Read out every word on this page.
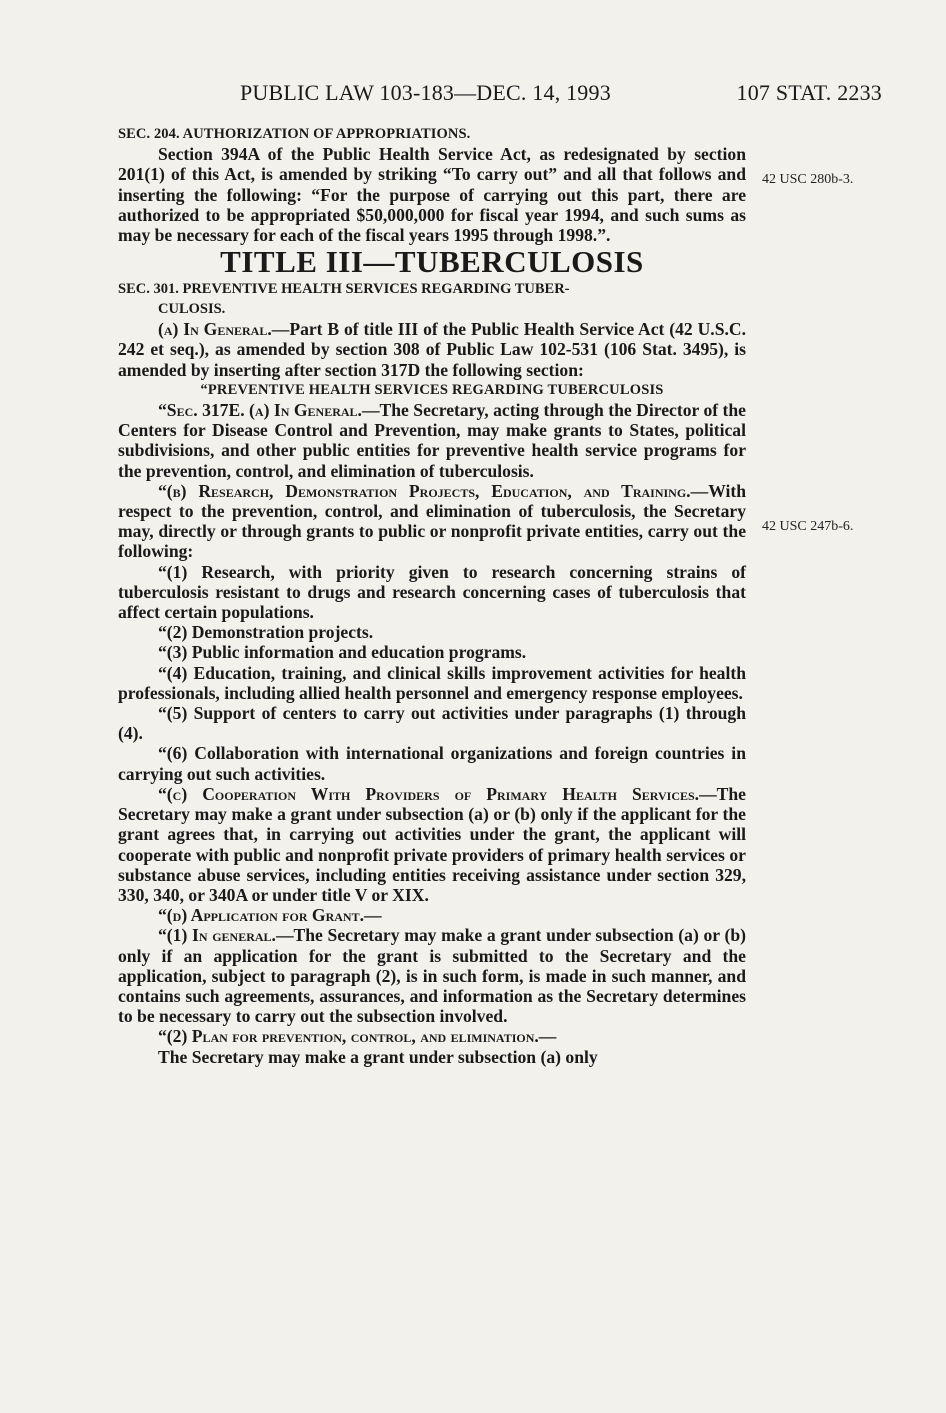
PUBLIC LAW 103-183—DEC. 14, 1993	107 STAT. 2233
42 USC 280b-3.
42 USC 247b-6.

SEC. 204. AUTHORIZATION OF APPROPRIATIONS.

Section 394A of the Public Health Service Act, as redesignated by section 201(1) of this Act, is amended by striking “To carry out” and all that follows and inserting the following: “For the purpose of carrying out this part, there are authorized to be appropriated $50,000,000 for fiscal year 1994, and such sums as may be necessary for each of the fiscal years 1995 through 1998.”.

TITLE III—TUBERCULOSIS

SEC. 301. PREVENTIVE HEALTH SERVICES REGARDING TUBER-
CULOSIS.

(a) In General.—Part B of title III of the Public Health Service Act (42 U.S.C. 242 et seq.), as amended by section 308 of Public Law 102-531 (106 Stat. 3495), is amended by inserting after section 317D the following section:

“PREVENTIVE HEALTH SERVICES REGARDING TUBERCULOSIS

“Sec. 317E. (a) In General.—The Secretary, acting through the Director of the Centers for Disease Control and Prevention, may make grants to States, political subdivisions, and other public entities for preventive health service programs for the prevention, control, and elimination of tuberculosis.

“(b) Research, Demonstration Projects, Education, and Training.—With respect to the prevention, control, and elimination of tuberculosis, the Secretary may, directly or through grants to public or nonprofit private entities, carry out the following:

“(1) Research, with priority given to research concerning strains of tuberculosis resistant to drugs and research concerning cases of tuberculosis that affect certain populations.

“(2) Demonstration projects.

“(3) Public information and education programs.

“(4) Education, training, and clinical skills improvement activities for health professionals, including allied health personnel and emergency response employees.

“(5) Support of centers to carry out activities under paragraphs (1) through (4).

“(6) Collaboration with international organizations and foreign countries in carrying out such activities.

“(c) Cooperation With Providers of Primary Health Services.—The Secretary may make a grant under subsection (a) or (b) only if the applicant for the grant agrees that, in carrying out activities under the grant, the applicant will cooperate with public and nonprofit private providers of primary health services or substance abuse services, including entities receiving assistance under section 329, 330, 340, or 340A or under title V or XIX.

“(d) Application for Grant.—

“(1) In general.—The Secretary may make a grant under subsection (a) or (b) only if an application for the grant is submitted to the Secretary and the application, subject to paragraph (2), is in such form, is made in such manner, and contains such agreements, assurances, and information as the Secretary determines to be necessary to carry out the subsection involved.

“(2) Plan for prevention, control, and elimination.—

The Secretary may make a grant under subsection (a) only
